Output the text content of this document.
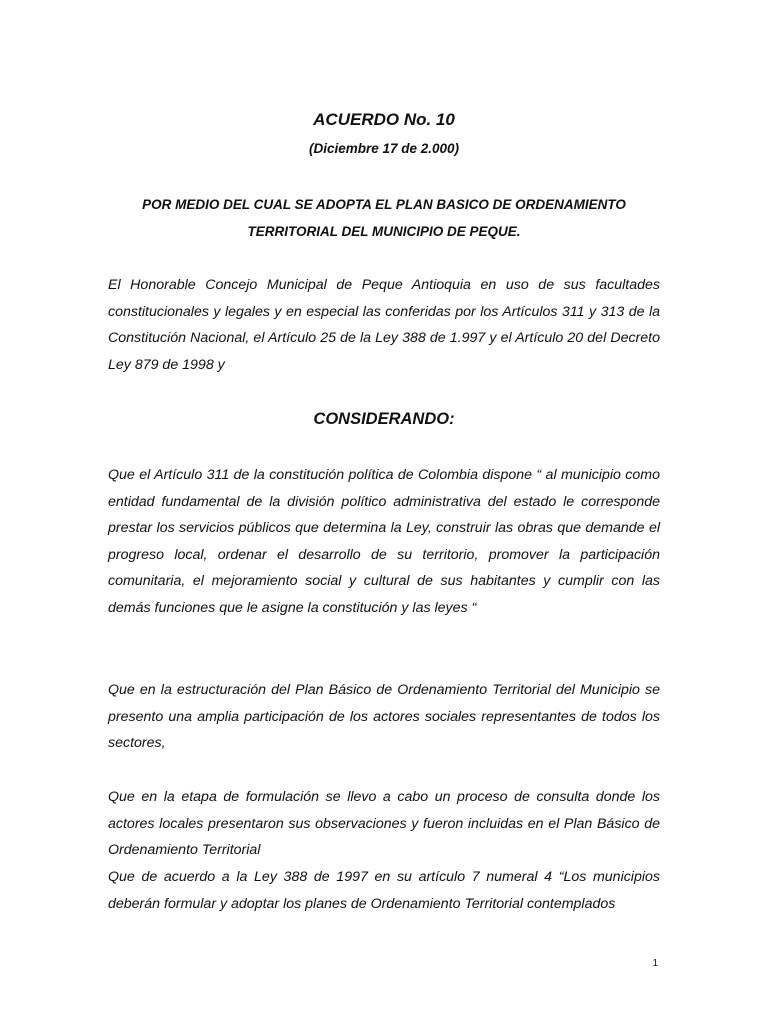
ACUERDO No. 10

(Diciembre 17 de 2.000)

POR MEDIO DEL CUAL SE ADOPTA EL PLAN BASICO DE ORDENAMIENTO TERRITORIAL DEL MUNICIPIO DE PEQUE.

El Honorable Concejo Municipal de Peque Antioquia en uso de sus facultades constitucionales y legales y en especial las conferidas por los Artículos 311 y 313 de la Constitución Nacional, el Artículo 25 de la Ley 388 de 1.997 y el Artículo 20 del Decreto Ley 879 de 1998 y

CONSIDERANDO:

Que el Artículo 311 de la constitución política de Colombia dispone “ al municipio como entidad fundamental de la división político administrativa del estado le corresponde prestar los servicios públicos que determina la Ley, construir las obras que demande el progreso local, ordenar el desarrollo de su territorio, promover la participación comunitaria, el mejoramiento social y cultural de sus habitantes y cumplir con las demás funciones que le asigne la constitución y las leyes “

Que en la estructuración del Plan Básico de Ordenamiento Territorial del Municipio se presento una amplia participación de los actores sociales representantes de todos los sectores,

Que en la etapa de formulación se llevo a cabo un proceso de consulta donde los actores locales presentaron sus observaciones y fueron incluidas en el Plan Básico de Ordenamiento Territorial

Que de acuerdo a la Ley 388 de 1997 en su artículo 7 numeral 4 “Los municipios deberán formular y adoptar los planes de Ordenamiento Territorial contemplados

1
